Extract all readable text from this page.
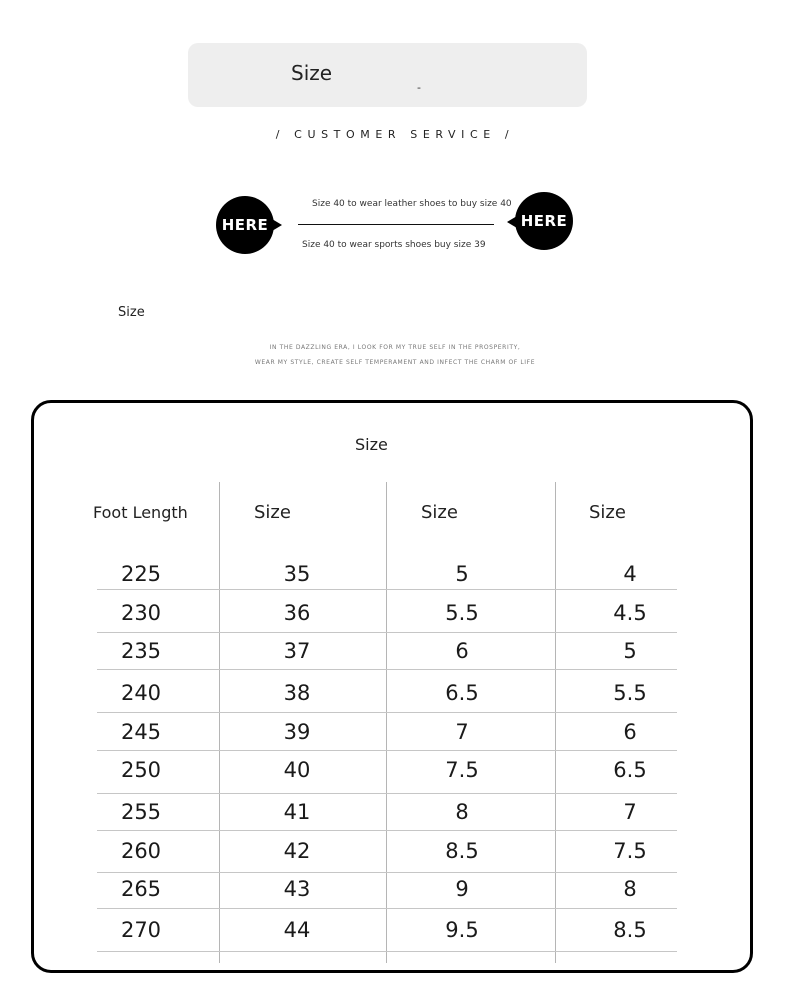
Size
-
/ CUSTOMER SERVICE /
HERE
Size 40 to wear leather shoes to buy size 40
Size 40 to wear sports shoes buy size 39
HERE
Size
IN THE DAZZLING ERA, I LOOK FOR MY TRUE SELF IN THE PROSPERITY,
WEAR MY STYLE, CREATE SELF TEMPERAMENT AND INFECT THE CHARM OF LIFE
Size
Foot Length	Size	Size	Size
225	35	5	4
230	36	5.5	4.5
235	37	6	5
240	38	6.5	5.5
245	39	7	6
250	40	7.5	6.5
255	41	8	7
260	42	8.5	7.5
265	43	9	8
270	44	9.5	8.5
